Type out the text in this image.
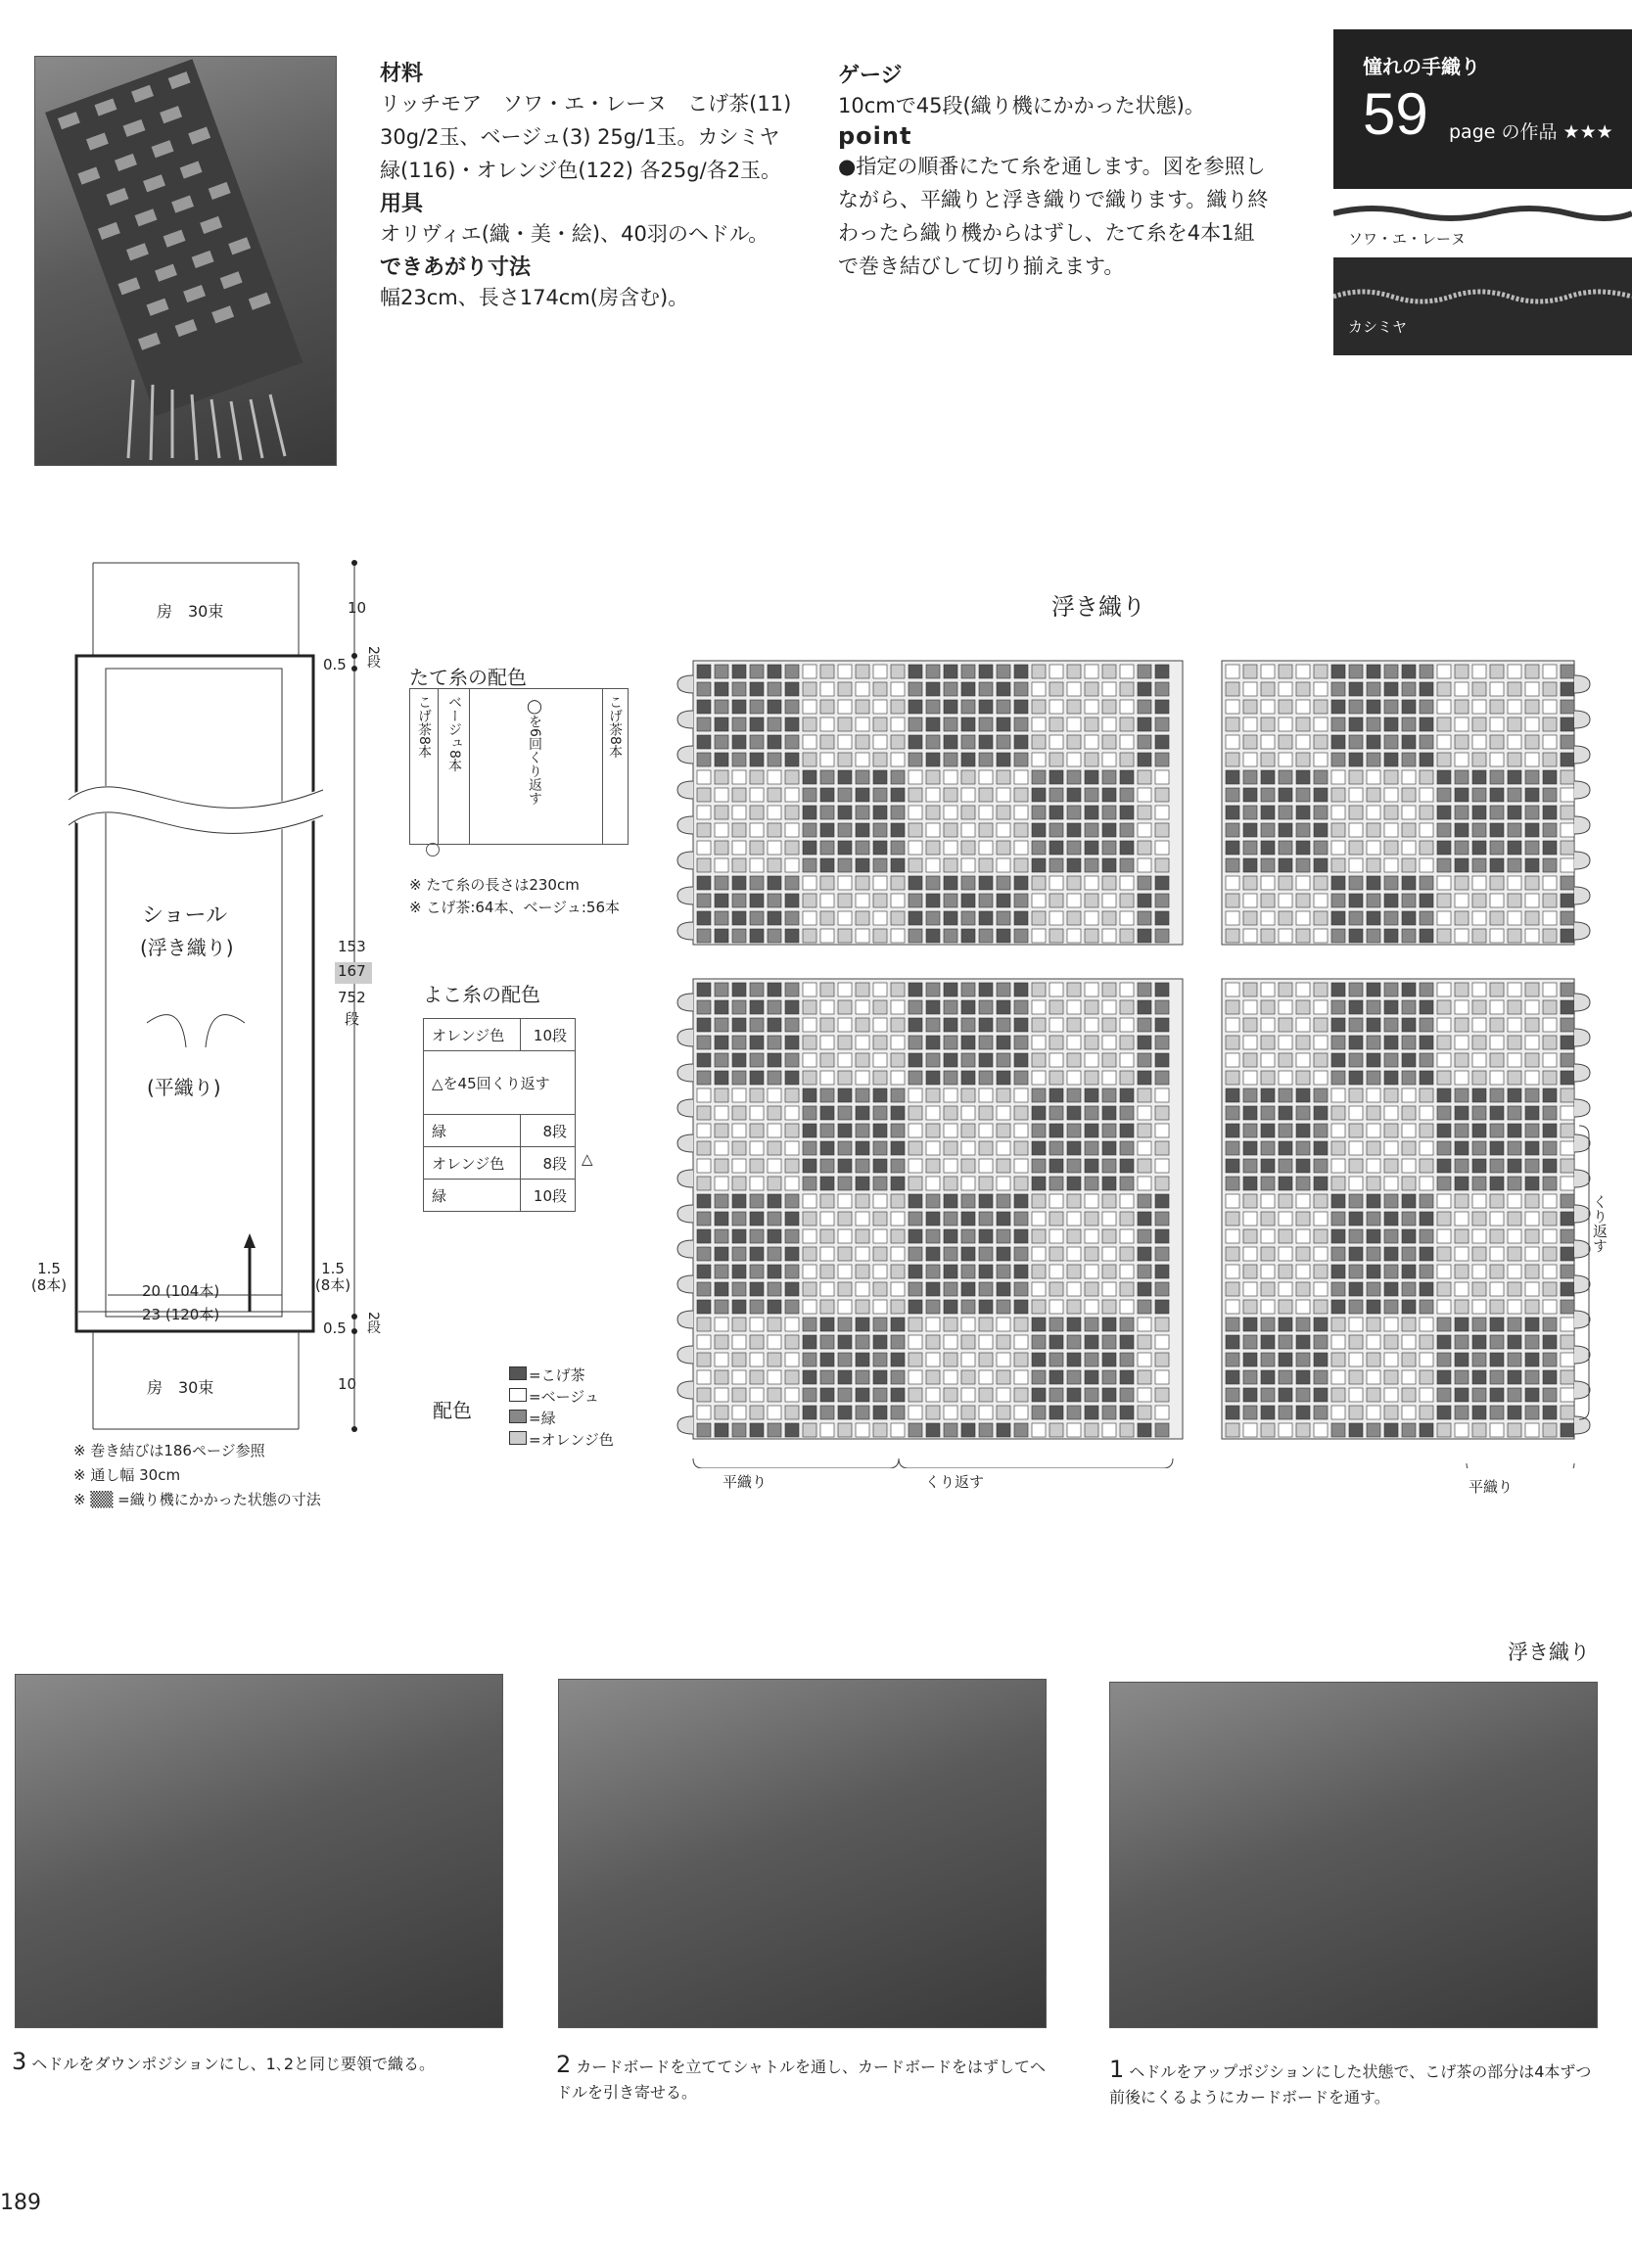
材料

リッチモア　ソワ・エ・レーヌ　こげ茶(11) 30g/2玉、ベージュ(3) 25g/1玉。カシミヤ　緑(116)・オレンジ色(122) 各25g/各2玉。

用具

オリヴィエ(織・美・絵)、40羽のヘドル。

できあがり寸法

幅23cm、長さ174cm(房含む)。

ゲージ

10cmで45段(織り機にかかった状態)。

point

●指定の順番にたて糸を通します。図を参照しながら、平織りと浮き織りで織ります。織り終わったら織り機からはずし、たて糸を4本1組で巻き結びして切り揃えます。

憧れの手織り
59 page の作品 ★★★
ソワ・エ・レーヌ
カシミヤ
房　30束
ショール
(浮き織り)
(平織り)
20 (104本)
23 (120本)
1.5
(8本)
1.5
(8本)
房　30束
10
0.5 2段
153
167
752
段
0.5 2段
10
※ 巻き結びは186ページ参照
※ 通し幅 30cm
※ ▒▒ =織り機にかかった状態の寸法
たて糸の配色
こげ茶8本 ベージュ8本	◯を6回くり返す	こげ茶8本
※ たて糸の長さは230cm
※ こげ茶:64本、ベージュ:56本
よこ糸の配色
オレンジ色	10段
△を45回くり返す	
緑	8段
オレンジ色	8段
緑	10段
△
配色
=こげ茶
=ベージュ
=緑
=オレンジ色
浮き織り
平織り	くり返す	平織り
くり返す
浮き織り
3 ヘドルをダウンポジションにし、1､2と同じ要領で織る。	2 カードボードを立ててシャトルを通し、カードボードをはずしてヘドルを引き寄せる。
1 ヘドルをアップポジションにした状態で、こげ茶の部分は4本ずつ前後にくるようにカードボードを通す。
189
